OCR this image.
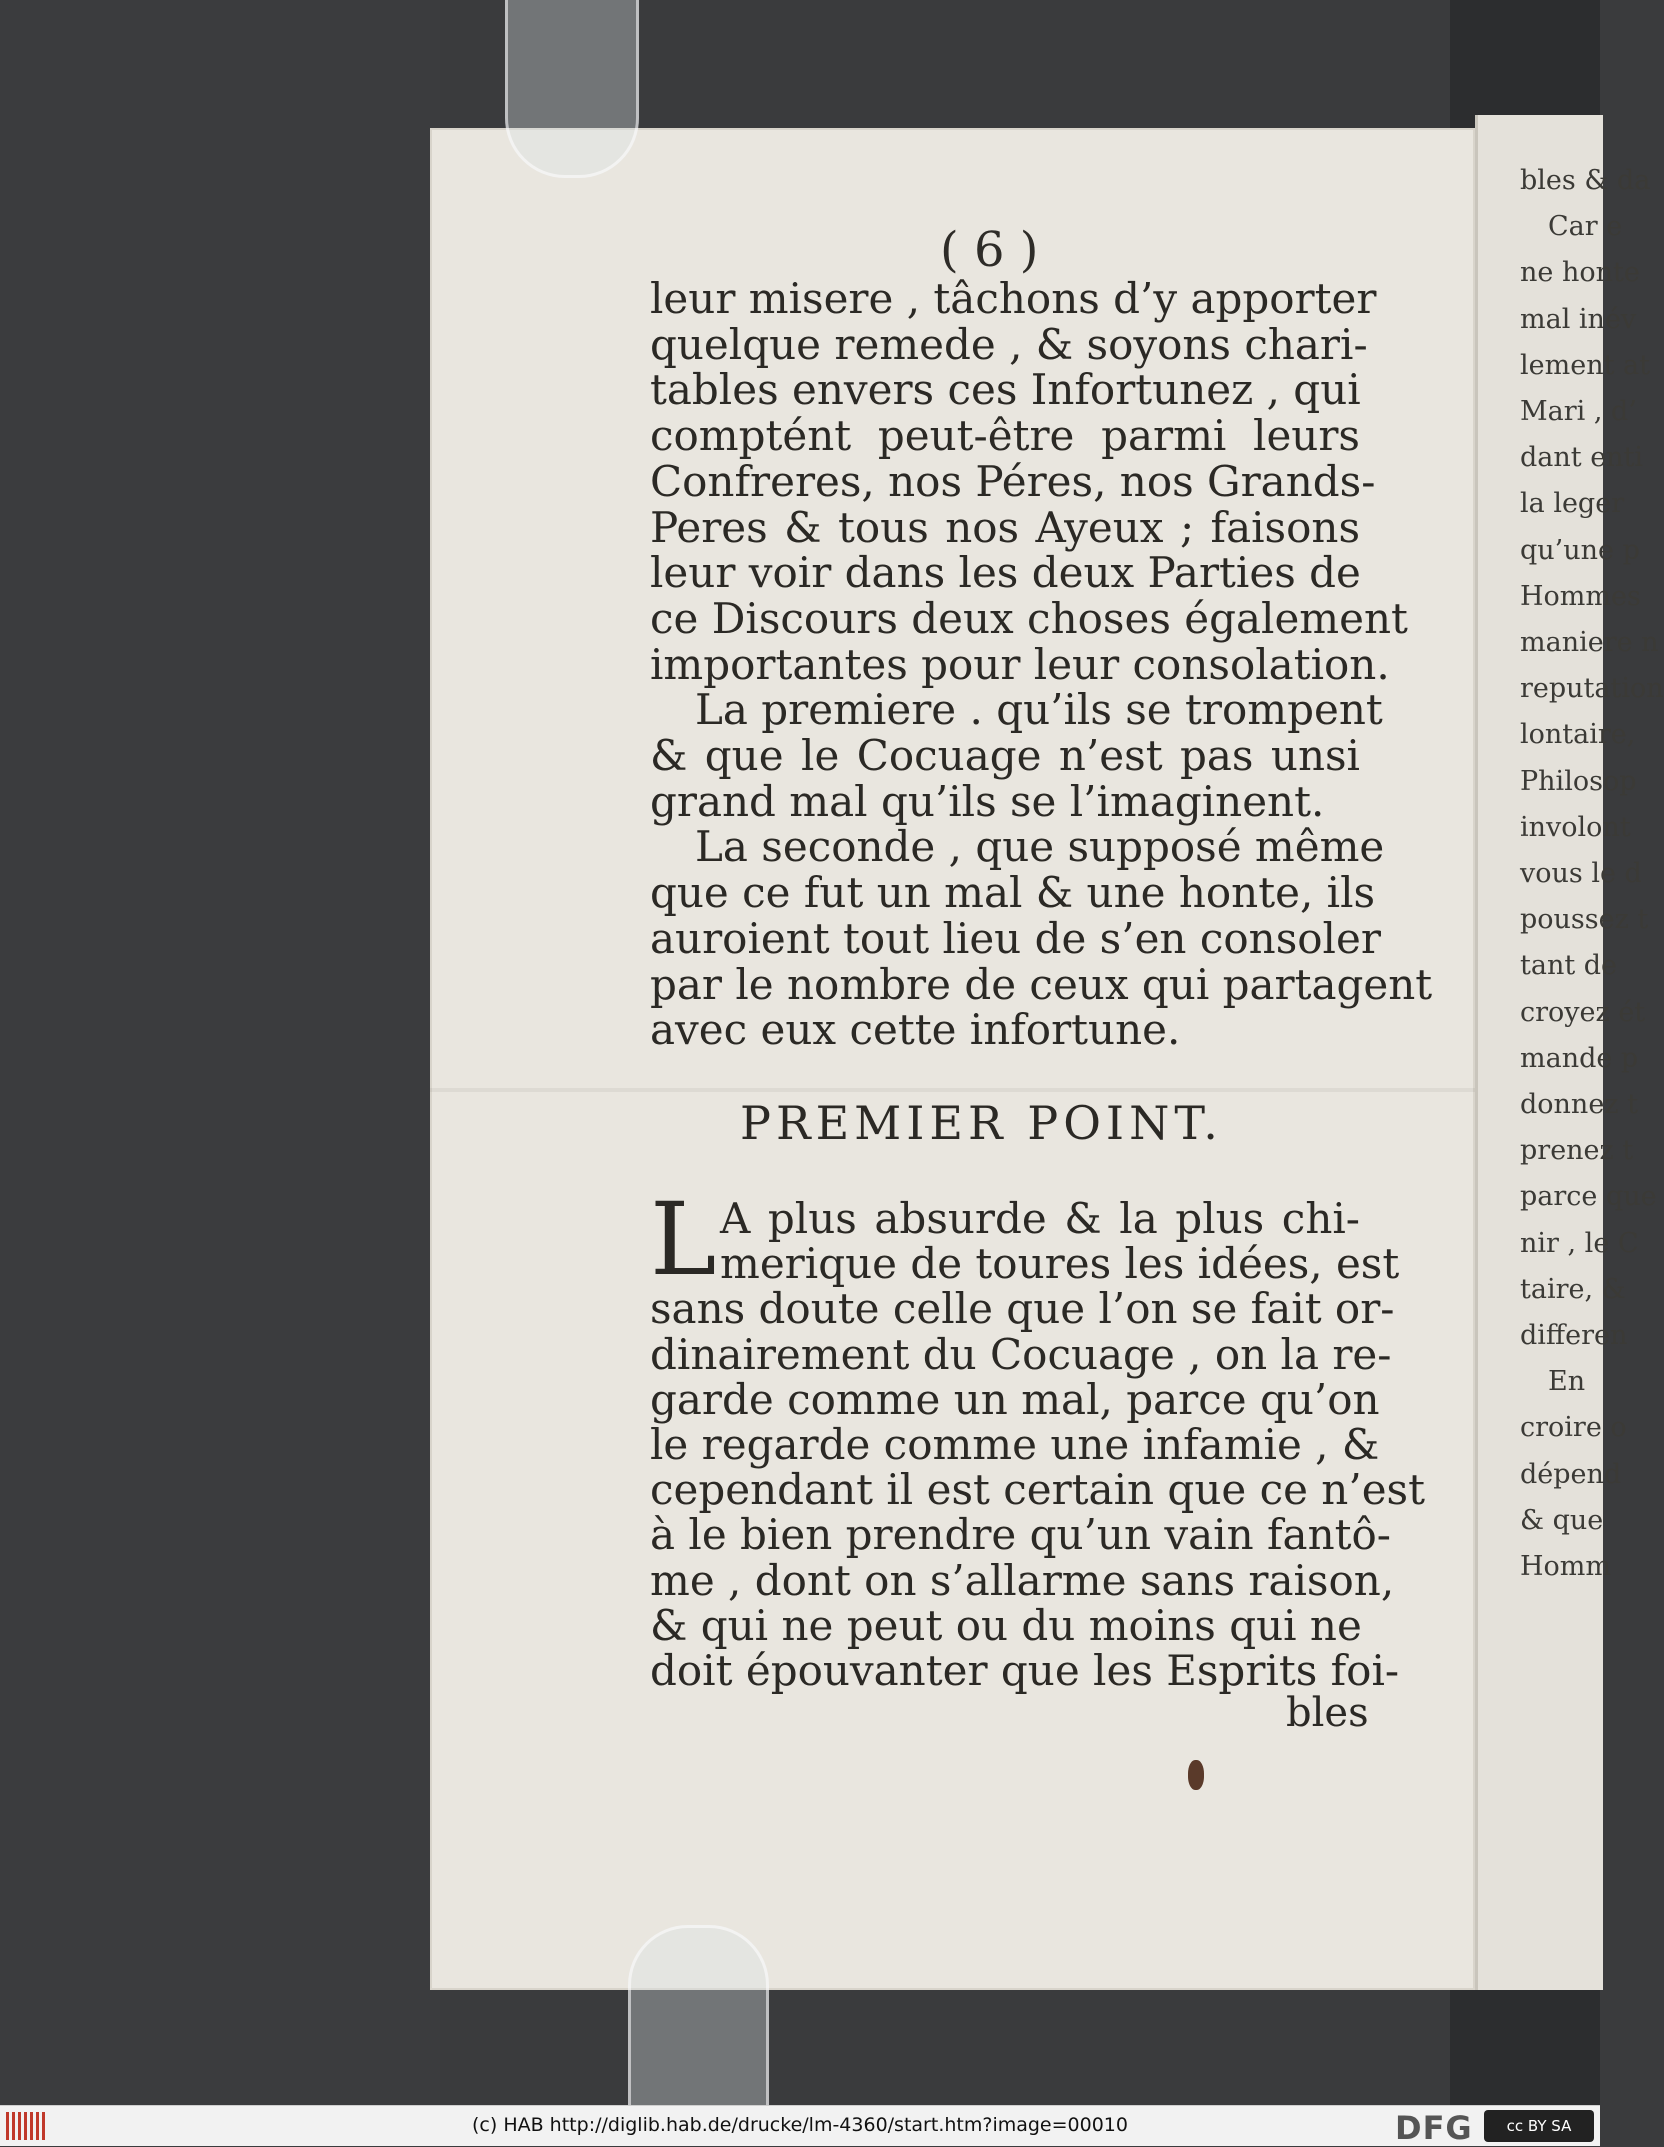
bles & da
Car e
ne honte
mal inév
lement at
Mari , d’
dant enti
la leger
qu’une p
Hommes
maniere n
reputation
lontaire,
Philosop
involont
vous le d
poussez t
tant de
croyez ét
mande p
donnez t
prenez t
parce que
nir , le C
taire, &
differen
En
croire o
dépend
& que
Homm
( 6 )
leur misere , tâchons d’y apporter
quelque remede , & soyons chari-
tables envers ces Infortunez , qui
comptént peut-être parmi leurs
Confreres, nos Péres, nos Grands-
Peres & tous nos Ayeux ; faisons
leur voir dans les deux Parties de
ce Discours deux choses également
importantes pour leur consolation.
La premiere . qu’ils se trompent
& que le Cocuage n’est pas unsi
grand mal qu’ils se l’imaginent.
La seconde , que supposé même
que ce fut un mal & une honte, ils
auroient tout lieu de s’en consoler
par le nombre de ceux qui partagent
avec eux cette infortune.
PREMIER POINT.
L A plus absurde & la plus chi-
merique de toures les idées, est
sans doute celle que l’on se fait or-
dinairement du Cocuage , on la re-
garde comme un mal, parce qu’on
le regarde comme une infamie , &
cependant il est certain que ce n’est
à le bien prendre qu’un vain fantô-
me , dont on s’allarme sans raison,
& qui ne peut ou du moins qui ne
doit épouvanter que les Esprits foi-
bles
(c) HAB http://diglib.hab.de/drucke/lm-4360/start.htm?image=00010	DFG	cc BY SA
